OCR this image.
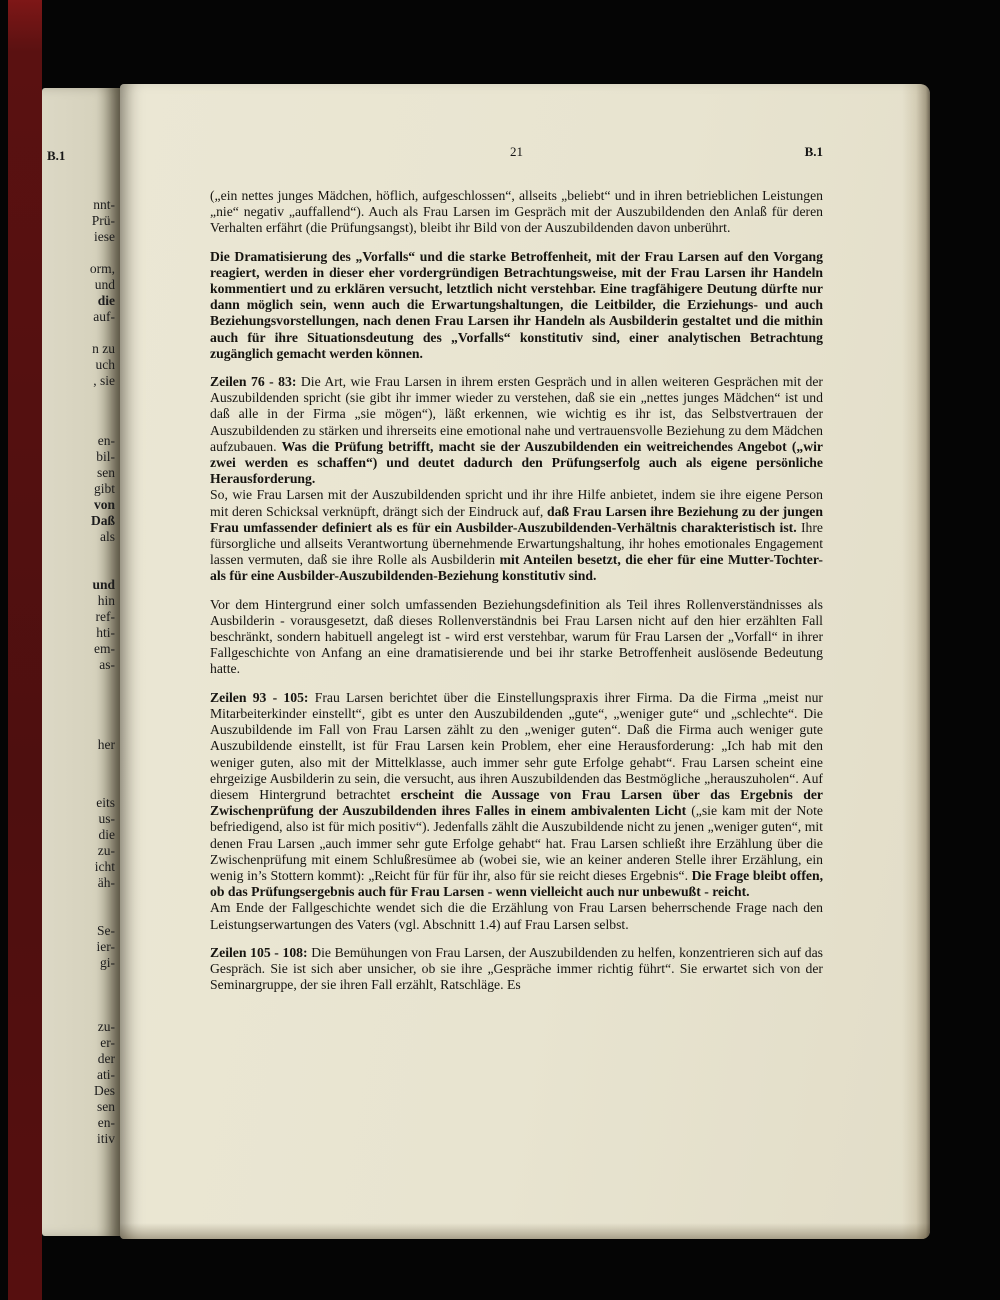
B.1
nnt-
Prü-
iese
orm,
und
die
auf-
n zu
uch
, sie
en-
bil-
sen
gibt
von
Daß
als
und
hin
ref-
hti-
em-
as-
her
eits
us-
die
zu-
icht
äh-
Se-
ier-
gi-
zu-
er-
der
ati-
Des
sen
en-
itiv
21	B.1

(„ein nettes junges Mädchen, höflich, aufgeschlossen“, allseits „beliebt“ und in ihren betrieblichen Leistungen „nie“ negativ „auffallend“). Auch als Frau Larsen im Gespräch mit der Auszubildenden den Anlaß für deren Verhalten erfährt (die Prüfungsangst), bleibt ihr Bild von der Auszubildenden davon unberührt.

Die Dramatisierung des „Vorfalls“ und die starke Betroffenheit, mit der Frau Larsen auf den Vorgang reagiert, werden in dieser eher vordergründigen Betrachtungsweise, mit der Frau Larsen ihr Handeln kommentiert und zu erklären versucht, letztlich nicht verstehbar. Eine tragfähigere Deutung dürfte nur dann möglich sein, wenn auch die Erwartungshaltungen, die Leitbilder, die Erziehungs- und auch Beziehungsvorstellungen, nach denen Frau Larsen ihr Handeln als Ausbilderin gestaltet und die mithin auch für ihre Situationsdeutung des „Vorfalls“ konstitutiv sind, einer analytischen Betrachtung zugänglich gemacht werden können.

Zeilen 76 - 83: Die Art, wie Frau Larsen in ihrem ersten Gespräch und in allen weiteren Gesprächen mit der Auszubildenden spricht (sie gibt ihr immer wieder zu verstehen, daß sie ein „nettes junges Mädchen“ ist und daß alle in der Firma „sie mögen“), läßt erkennen, wie wichtig es ihr ist, das Selbstvertrauen der Auszubildenden zu stärken und ihrerseits eine emotional nahe und vertrauensvolle Beziehung zu dem Mädchen aufzubauen. Was die Prüfung betrifft, macht sie der Auszubildenden ein weitreichendes Angebot („wir zwei werden es schaffen“) und deutet dadurch den Prüfungserfolg auch als eigene persönliche Herausforderung.
So, wie Frau Larsen mit der Auszubildenden spricht und ihr ihre Hilfe anbietet, indem sie ihre eigene Person mit deren Schicksal verknüpft, drängt sich der Eindruck auf, daß Frau Larsen ihre Beziehung zu der jungen Frau umfassender definiert als es für ein Ausbilder-Auszubildenden-Verhältnis charakteristisch ist. Ihre fürsorgliche und allseits Verantwortung übernehmende Erwartungshaltung, ihr hohes emotionales Engagement lassen vermuten, daß sie ihre Rolle als Ausbilderin mit Anteilen besetzt, die eher für eine Mutter-Tochter- als für eine Ausbilder-Auszubildenden-Beziehung konstitutiv sind.

Vor dem Hintergrund einer solch umfassenden Beziehungsdefinition als Teil ihres Rollenverständnisses als Ausbilderin - vorausgesetzt, daß dieses Rollenverständnis bei Frau Larsen nicht auf den hier erzählten Fall beschränkt, sondern habituell angelegt ist - wird erst verstehbar, warum für Frau Larsen der „Vorfall“ in ihrer Fallgeschichte von Anfang an eine dramatisierende und bei ihr starke Betroffenheit auslösende Bedeutung hatte.

Zeilen 93 - 105: Frau Larsen berichtet über die Einstellungspraxis ihrer Firma. Da die Firma „meist nur Mitarbeiterkinder einstellt“, gibt es unter den Auszubildenden „gute“, „weniger gute“ und „schlechte“. Die Auszubildende im Fall von Frau Larsen zählt zu den „weniger guten“. Daß die Firma auch weniger gute Auszubildende einstellt, ist für Frau Larsen kein Problem, eher eine Herausforderung: „Ich hab mit den weniger guten, also mit der Mittelklasse, auch immer sehr gute Erfolge gehabt“. Frau Larsen scheint eine ehrgeizige Ausbilderin zu sein, die versucht, aus ihren Auszubildenden das Bestmögliche „herauszuholen“. Auf diesem Hintergrund betrachtet erscheint die Aussage von Frau Larsen über das Ergebnis der Zwischenprüfung der Auszubildenden ihres Falles in einem ambivalenten Licht („sie kam mit der Note befriedigend, also ist für mich positiv“). Jedenfalls zählt die Auszubildende nicht zu jenen „weniger guten“, mit denen Frau Larsen „auch immer sehr gute Erfolge gehabt“ hat. Frau Larsen schließt ihre Erzählung über die Zwischenprüfung mit einem Schlußresümee ab (wobei sie, wie an keiner anderen Stelle ihrer Erzählung, ein wenig in’s Stottern kommt): „Reicht für für für ihr, also für sie reicht dieses Ergebnis“. Die Frage bleibt offen, ob das Prüfungsergebnis auch für Frau Larsen - wenn vielleicht auch nur unbewußt - reicht.
Am Ende der Fallgeschichte wendet sich die die Erzählung von Frau Larsen beherrschende Frage nach den Leistungserwartungen des Vaters (vgl. Abschnitt 1.4) auf Frau Larsen selbst.

Zeilen 105 - 108: Die Bemühungen von Frau Larsen, der Auszubildenden zu helfen, konzentrieren sich auf das Gespräch. Sie ist sich aber unsicher, ob sie ihre „Gespräche immer richtig führt“. Sie erwartet sich von der Seminargruppe, der sie ihren Fall erzählt, Ratschläge. Es
